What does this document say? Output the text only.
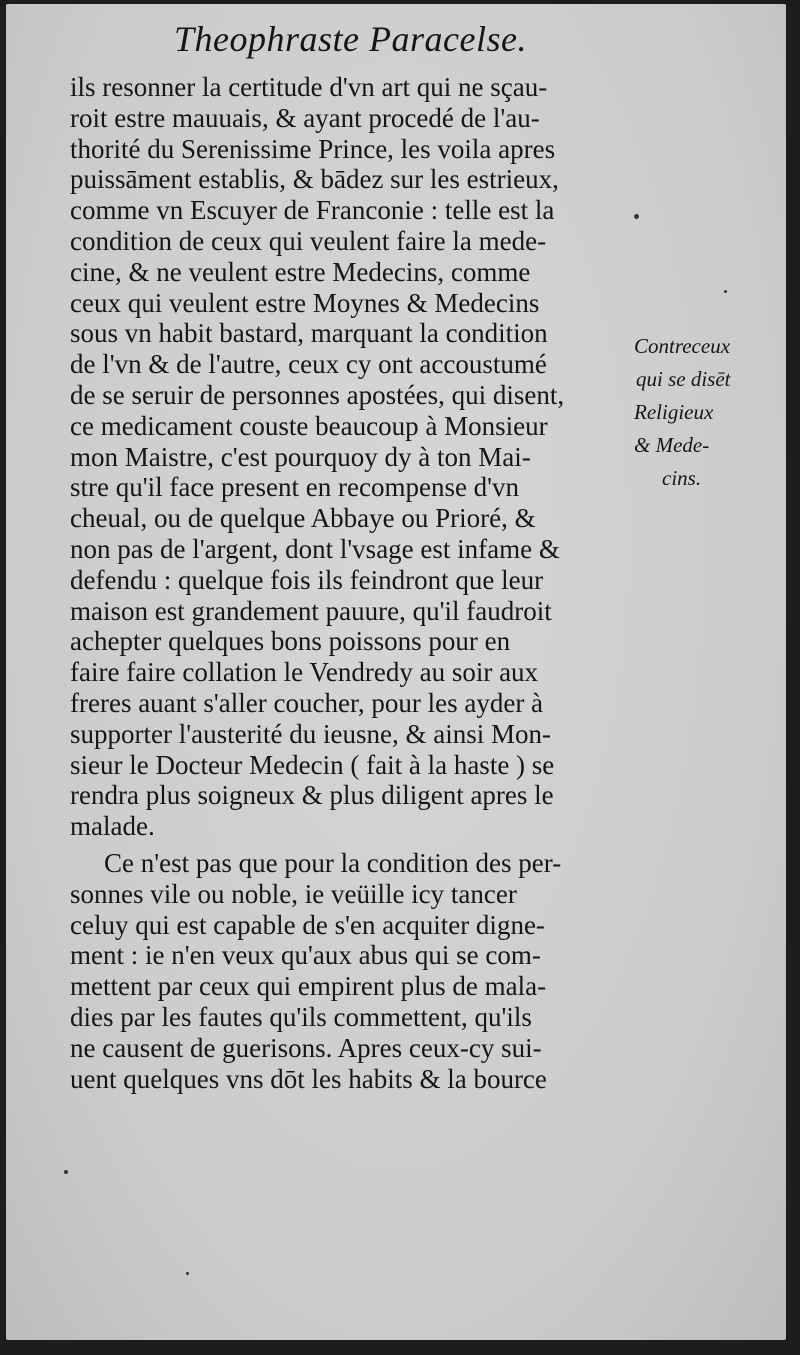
Theophraste Paracelse.
ils resonner la certitude d'vn art qui ne sçau-
roit estre mauuais, & ayant procedé de l'au-
thorité du Serenissime Prince, les voila apres
puissāment establis, & bādez sur les estrieux,
comme vn Escuyer de Franconie : telle est la
condition de ceux qui veulent faire la mede-
cine, & ne veulent estre Medecins, comme
ceux qui veulent estre Moynes & Medecins
sous vn habit bastard, marquant la condition
de l'vn & de l'autre, ceux cy ont accoustumé
de se seruir de personnes apostées, qui disent,
ce medicament couste beaucoup à Monsieur
mon Maistre, c'est pourquoy dy à ton Mai-
stre qu'il face present en recompense d'vn
cheual, ou de quelque Abbaye ou Prioré, &
non pas de l'argent, dont l'vsage est infame &
defendu : quelque fois ils feindront que leur
maison est grandement pauure, qu'il faudroit
achepter quelques bons poissons pour en
faire faire collation le Vendredy au soir aux
freres auant s'aller coucher, pour les ayder à
supporter l'austerité du ieusne, & ainsi Mon-
sieur le Docteur Medecin ( fait à la haste ) se
rendra plus soigneux & plus diligent apres le
malade.
Ce n'est pas que pour la condition des per-
sonnes vile ou noble, ie veüille icy tancer
celuy qui est capable de s'en acquiter digne-
ment : ie n'en veux qu'aux abus qui se com-
mettent par ceux qui empirent plus de mala-
dies par les fautes qu'ils commettent, qu'ils
ne causent de guerisons. Apres ceux-cy sui-
uent quelques vns dōt les habits & la bource
Contreceux
qui se disēt
Religieux
& Mede-
cins.
